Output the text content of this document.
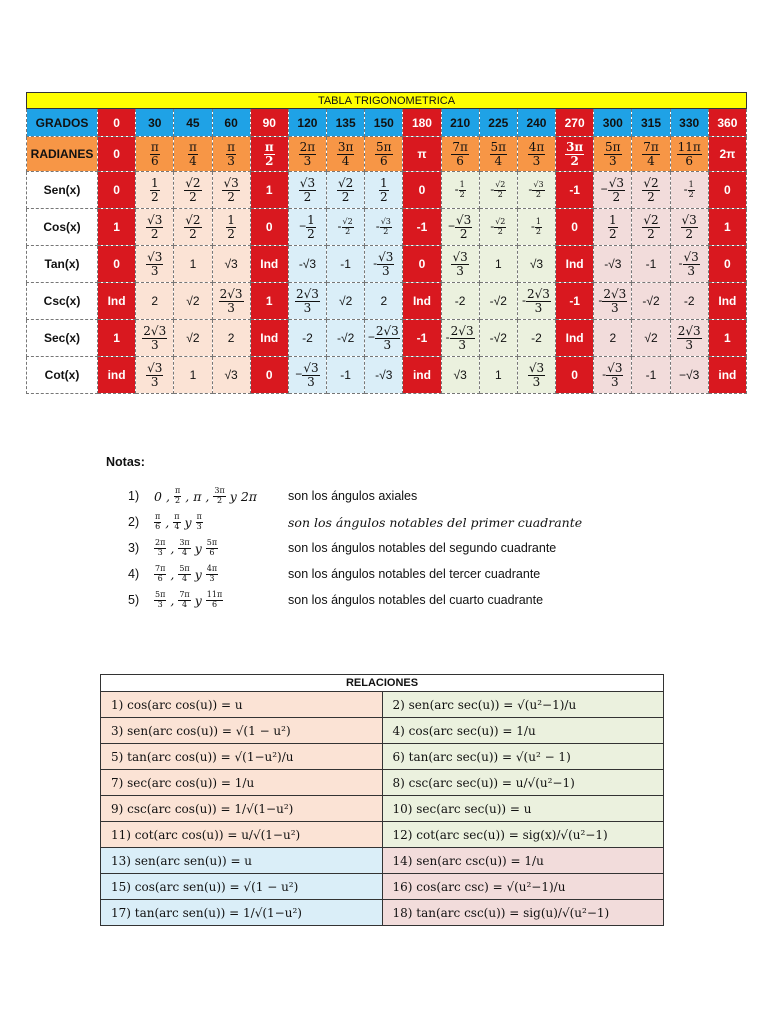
TABLA TRIGONOMETRICA																	
GRADOS	0	30	45	60	90	120	135	150	180	210	225	240	270	300	315	330	360
RADIANES	0	$\frac{\pi}{6}$	$\frac{\pi}{4}$	$\frac{\pi}{3}$	$\frac{\pi}{2}$	$\frac{2\pi}{3}$	$\frac{3\pi}{4}$	$\frac{5\pi}{6}$	π	$\frac{7\pi}{6}$	$\frac{5\pi}{4}$	$\frac{4\pi}{3}$	$\frac{3\pi}{2}$	$\frac{5\pi}{3}$	$\frac{7\pi}{4}$	$\frac{11\pi}{6}$	2π
Sen(x)	0	$\frac{1}{2}$	$\frac{√2}{2}$	$\frac{√3}{2}$	1	$\frac{√3}{2}$	$\frac{√2}{2}$	$\frac{1}{2}$	0	- $\frac{1}{2}$	- $\frac{√2}{2}$	- $\frac{√3}{2}$	-1	− $\frac{√3}{2}$	$\frac{√2}{2}$	- $\frac{1}{2}$	0
Cos(x)	1	$\frac{√3}{2}$	$\frac{√2}{2}$	$\frac{1}{2}$	0	− $\frac{1}{2}$	- $\frac{√2}{2}$	- $\frac{√3}{2}$	-1	− $\frac{√3}{2}$	- $\frac{√2}{2}$	- $\frac{1}{2}$	0	$\frac{1}{2}$	$\frac{√2}{2}$	$\frac{√3}{2}$	1
Tan(x)	0	$\frac{√3}{3}$	1	√3	Ind	-√3	-1	- $\frac{√3}{3}$	0	$\frac{√3}{3}$	1	√3	Ind	-√3	-1	- $\frac{√3}{3}$	0
Csc(x)	Ind	2	√2	$\frac{2√3}{3}$	1	$\frac{2√3}{3}$	√2	2	Ind	-2	-√2	- $\frac{2√3}{3}$	-1	- $\frac{2√3}{3}$	-√2	-2	Ind
Sec(x)	1	$\frac{2√3}{3}$	√2	2	Ind	-2	-√2	− $\frac{2√3}{3}$	-1	- $\frac{2√3}{3}$	-√2	-2	Ind	2	√2	$\frac{2√3}{3}$	1
Cot(x)	ind	$\frac{√3}{3}$	1	√3	0	− $\frac{√3}{3}$	-1	-√3	ind	√3	1	$\frac{√3}{3}$	0	- $\frac{√3}{3}$	-1	−√3	ind
Notas:
1)	0 , $\frac{\pi}{2}$ , π , $\frac{3\pi}{2}$ y 2π son los ángulos axiales
2)	$\frac{\pi}{6}$ , $\frac{\pi}{4}$ y $\frac{\pi}{3}$	son los ángulos notables del primer cuadrante
3)	$\frac{2\pi}{3}$ , $\frac{3\pi}{4}$ y $\frac{5\pi}{6}$	son los ángulos notables del segundo cuadrante
4)	$\frac{7\pi}{6}$ , $\frac{5\pi}{4}$ y $\frac{4\pi}{3}$	son los ángulos notables del tercer cuadrante
5)	$\frac{5\pi}{3}$ , $\frac{7\pi}{4}$ y $\frac{11\pi}{6}$	son los ángulos notables del cuarto cuadrante
RELACIONES	
1) cos(arc cos(u)) = u	2) sen(arc sec(u)) = √(u²−1)/u
3) sen(arc cos(u)) = √(1 − u²)	4) cos(arc sec(u)) = 1/u
5) tan(arc cos(u)) = √(1−u²)/u	6) tan(arc sec(u)) = √(u² − 1)
7) sec(arc cos(u)) = 1/u	8) csc(arc sec(u)) = u/√(u²−1)
9) csc(arc cos(u)) = 1/√(1−u²)	10) sec(arc sec(u)) = u
11) cot(arc cos(u)) = u/√(1−u²)	12) cot(arc sec(u)) = sig(x)/√(u²−1)
13) sen(arc sen(u)) = u	14) sen(arc csc(u)) = 1/u
15) cos(arc sen(u)) = √(1 − u²)	16) cos(arc csc) = √(u²−1)/u
17) tan(arc sen(u)) = 1/√(1−u²)	18) tan(arc csc(u)) = sig(u)/√(u²−1)
